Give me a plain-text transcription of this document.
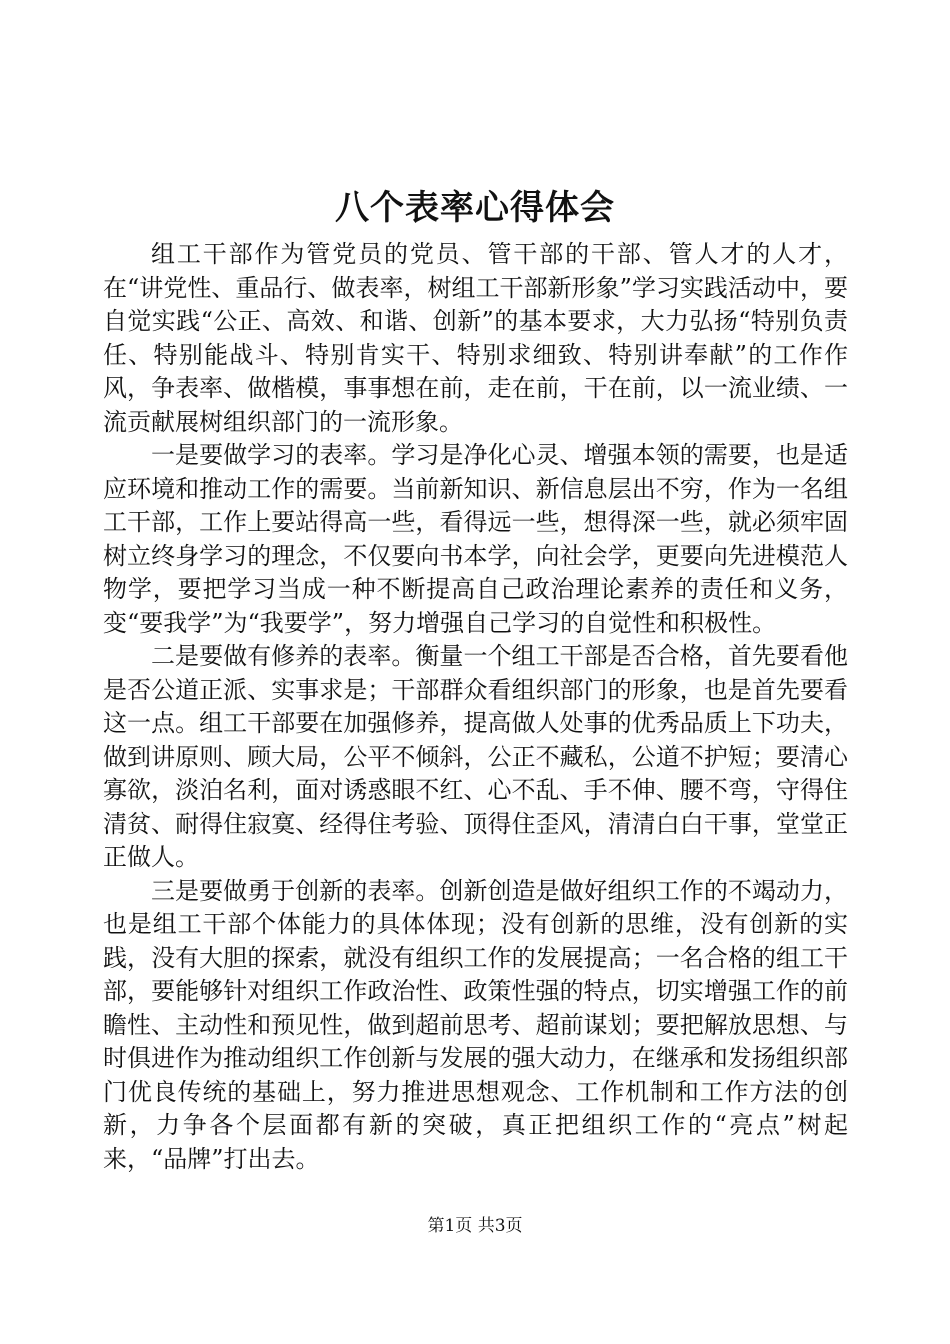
八个表率心得体会

组工干部作为管党员的党员、管干部的干部、管人才的人才，在“讲党性、重品行、做表率，树组工干部新形象”学习实践活动中，要自觉实践“公正、高效、和谐、创新”的基本要求，大力弘扬“特别负责任、特别能战斗、特别肯实干、特别求细致、特别讲奉献”的工作作风，争表率、做楷模，事事想在前，走在前，干在前，以一流业绩、一流贡献展树组织部门的一流形象。

一是要做学习的表率。学习是净化心灵、增强本领的需要，也是适应环境和推动工作的需要。当前新知识、新信息层出不穷，作为一名组工干部，工作上要站得高一些，看得远一些，想得深一些，就必须牢固树立终身学习的理念，不仅要向书本学，向社会学，更要向先进模范人物学，要把学习当成一种不断提高自己政治理论素养的责任和义务，变“要我学”为“我要学”，努力增强自己学习的自觉性和积极性。

二是要做有修养的表率。衡量一个组工干部是否合格，首先要看他是否公道正派、实事求是；干部群众看组织部门的形象，也是首先要看这一点。组工干部要在加强修养，提高做人处事的优秀品质上下功夫，做到讲原则、顾大局，公平不倾斜，公正不藏私，公道不护短；要清心寡欲，淡泊名利，面对诱惑眼不红、心不乱、手不伸、腰不弯，守得住清贫、耐得住寂寞、经得住考验、顶得住歪风，清清白白干事，堂堂正正做人。

三是要做勇于创新的表率。创新创造是做好组织工作的不竭动力，也是组工干部个体能力的具体体现；没有创新的思维，没有创新的实践，没有大胆的探索，就没有组织工作的发展提高；一名合格的组工干部，要能够针对组织工作政治性、政策性强的特点，切实增强工作的前瞻性、主动性和预见性，做到超前思考、超前谋划；要把解放思想、与时俱进作为推动组织工作创新与发展的强大动力，在继承和发扬组织部门优良传统的基础上，努力推进思想观念、工作机制和工作方法的创新，力争各个层面都有新的突破，真正把组织工作的“亮点”树起来，“品牌”打出去。

第1页 共3页
